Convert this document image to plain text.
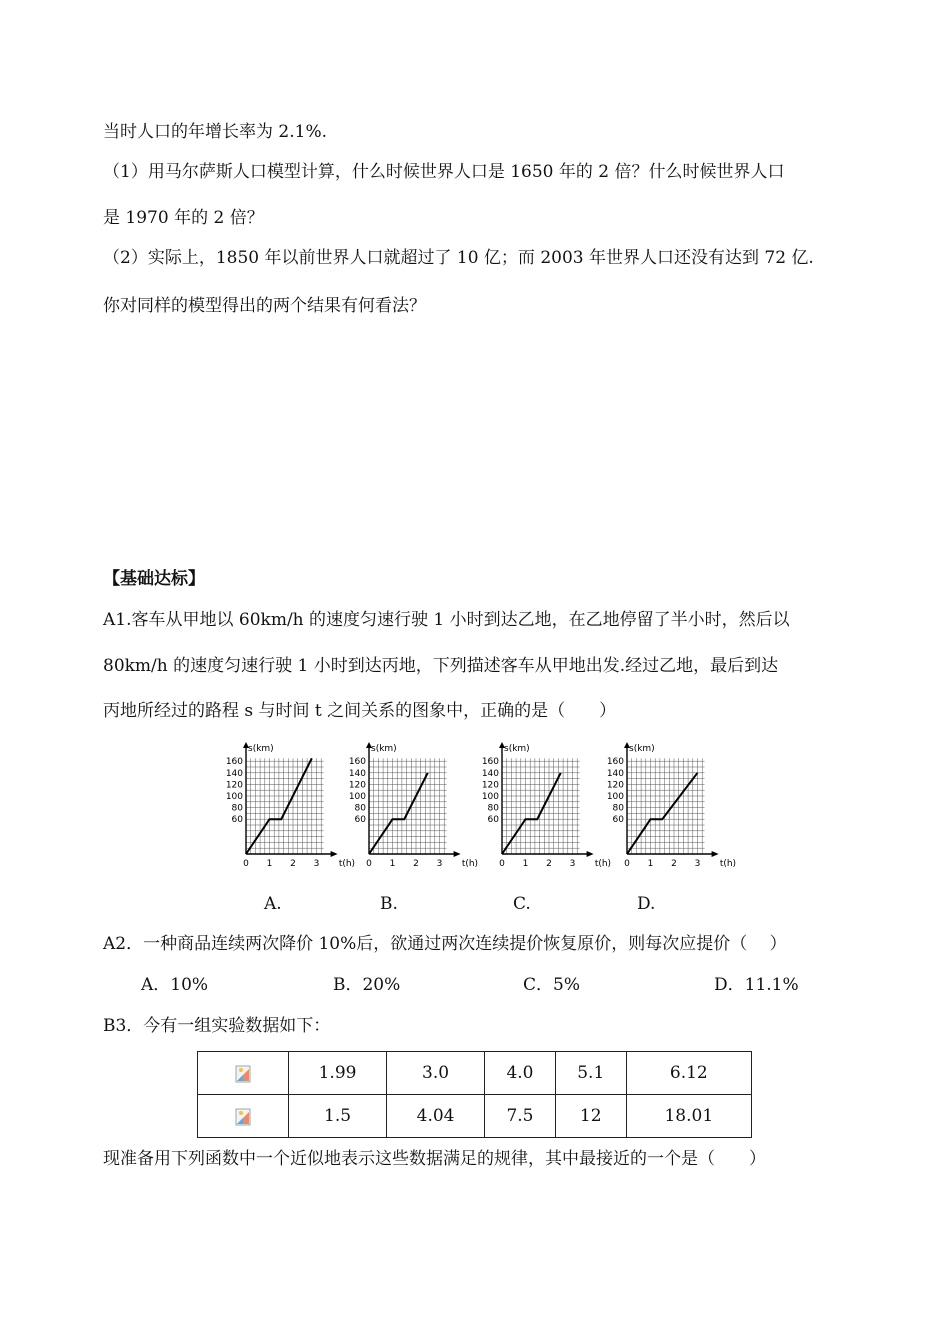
当时人口的年增长率为 2.1%.
（1）用马尔萨斯人口模型计算，什么时候世界人口是 1650 年的 2 倍？什么时候世界人口
是 1970 年的 2 倍？
（2）实际上，1850 年以前世界人口就超过了 10 亿；而 2003 年世界人口还没有达到 72 亿.
你对同样的模型得出的两个结果有何看法？
【基础达标】
A1.客车从甲地以 60km/h 的速度匀速行驶 1 小时到达乙地，在乙地停留了半小时，然后以
80km/h 的速度匀速行驶 1 小时到达丙地，下列描述客车从甲地出发.经过乙地，最后到达
丙地所经过的路程 s 与时间 t 之间关系的图象中，正确的是（　　）
s(km)
160
140
120
100
80
60
0 1 2 3 t(h)
s(km)
160
140
120
100
80
60
0 1 2 3 t(h)
s(km)
160
140
120
100
80
60
0 1 2 3 t(h)
s(km)
160
140
120
100
80
60
0 1 2 3 t(h)
A.	B.	C.	D.
A2．一种商品连续两次降价 10%后，欲通过两次连续提价恢复原价，则每次应提价（　 ）
A．10%	B．20%	C．5%	D．11.1%
B3．今有一组实验数据如下：
	1.99	3.0	4.0	5.1	6.12
	1.5	4.04	7.5	12	18.01
现准备用下列函数中一个近似地表示这些数据满足的规律，其中最接近的一个是（　　）
